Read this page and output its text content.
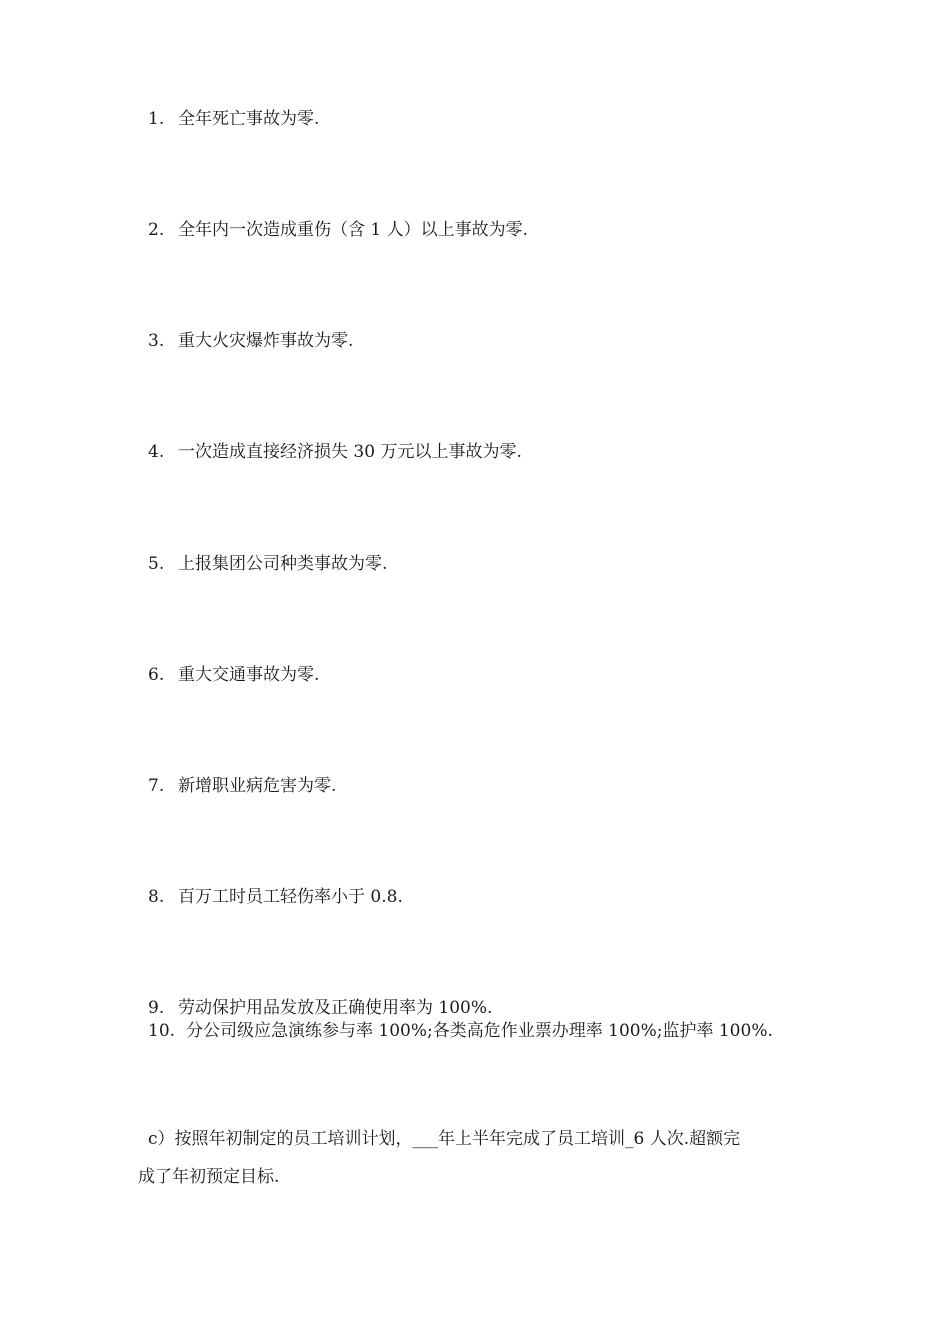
1. 全年死亡事故为零.
2. 全年内一次造成重伤（含 1 人）以上事故为零.
3. 重大火灾爆炸事故为零.
4. 一次造成直接经济损失 30 万元以上事故为零.
5. 上报集团公司种类事故为零.
6. 重大交通事故为零.
7. 新增职业病危害为零.
8. 百万工时员工轻伤率小于 0.8.
9. 劳动保护用品发放及正确使用率为 100%.
10. 分公司级应急演练参与率 100%;各类高危作业票办理率 100%;监护率 100%.
c）按照年初制定的员工培训计划，___年上半年完成了员工培训_6 人次.超额完
成了年初预定目标.
